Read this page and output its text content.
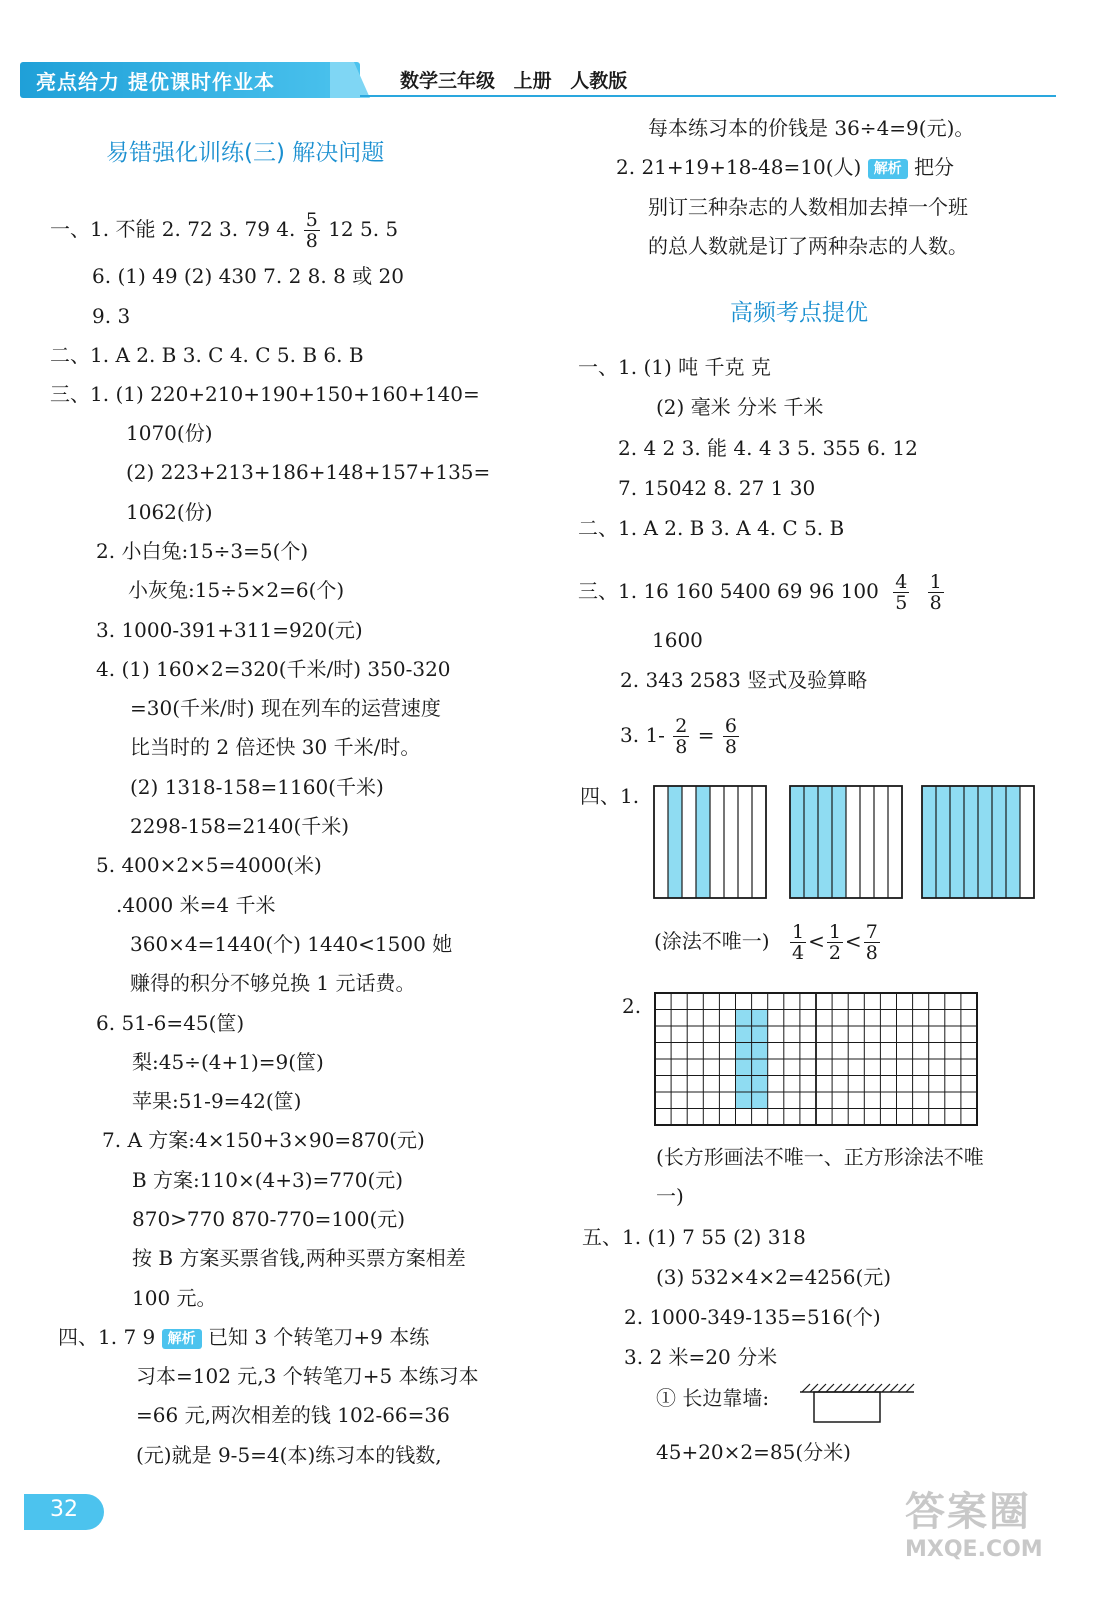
亮点给力 提优课时作业本	数学三年级 上册 人教版
易错强化训练(三) 解决问题
一、1. 不能 2. 72 3. 79 4. $\frac{5}{8} 12$ 5. 5
6. (1) 49 (2) 430 7. 2 8. 8 或 20
9. 3
二、1. A 2. B 3. C 4. C 5. B 6. B
三、1. (1) 220+210+190+150+160+140=
1070(份)
(2) 223+213+186+148+157+135=
1062(份)
2. 小白兔:15÷3=5(个)
小灰兔:15÷5×2=6(个)
3. 1000-391+311=920(元)
4. (1) 160×2=320(千米/时) 350-320
=30(千米/时) 现在列车的运营速度
比当时的 2 倍还快 30 千米/时。
(2) 1318-158=1160(千米)
2298-158=2140(千米)
5. 400×2×5=4000(米)
.4000 米=4 千米
360×4=1440(个) 1440<1500 她
赚得的积分不够兑换 1 元话费。
6. 51-6=45(筐)
梨:45÷(4+1)=9(筐)
苹果:51-9=42(筐)
7. A 方案:4×150+3×90=870(元)
B 方案:110×(4+3)=770(元)
870>770 870-770=100(元)
按 B 方案买票省钱,两种买票方案相差
100 元。
四、1. 7 9 解析 已知 3 个转笔刀+9 本练
习本=102 元,3 个转笔刀+5 本练习本
=66 元,两次相差的钱 102-66=36
(元)就是 9-5=4(本)练习本的钱数,
每本练习本的价钱是 36÷4=9(元)。
2. 21+19+18-48=10(人) 解析 把分
别订三种杂志的人数相加去掉一个班
的总人数就是订了两种杂志的人数。
高频考点提优
一、1. (1) 吨 千克 克
(2) 毫米 分米 千米
2. 4 2 3. 能 4. 4 3 5. 355 6. 12
7. 15042 8. 27 1 30
二、1. A 2. B 3. A 4. C 5. B
三、1. 16 160 5400 69 96 $100 \frac{4}{5}$
$\frac{1}{8}$
1600
2. 343 2583 竖式及验算略
3. $1- \frac{2}{8} = \frac{6}{8}$
四、1.
(涂法不唯一) $\frac{1}{4} < \frac{1}{2} < \frac{7}{8}$
2.
(长方形画法不唯一、正方形涂法不唯
一)
五、1. (1) 7 55 (2) 318
(3) 532×4×2=4256(元)
2. 1000-349-135=516(个)
3. 2 米=20 分米
① 长边靠墙:
45+20×2=85(分米)
32	答案圈
MXQE.COM
